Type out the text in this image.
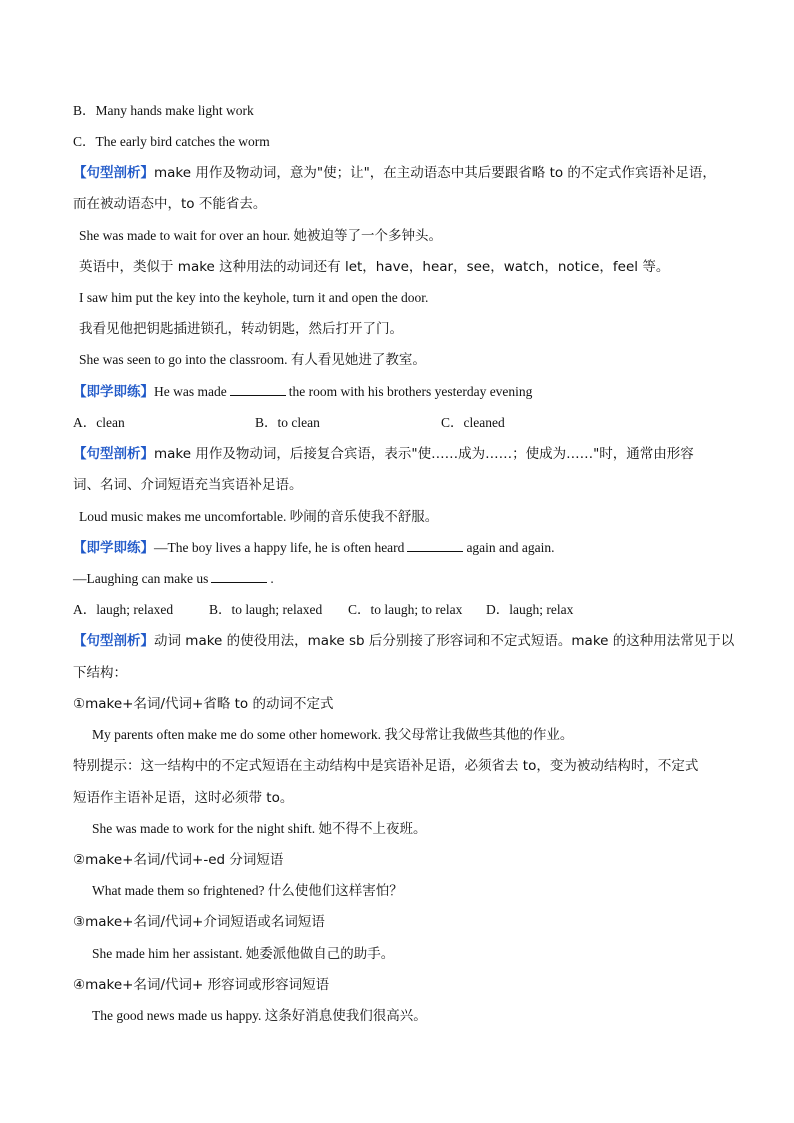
B．Many hands make light work
C．The early bird catches the worm
【句型剖析】make 用作及物动词，意为"使；让"，在主动语态中其后要跟省略 to 的不定式作宾语补足语，
而在被动语态中，to 不能省去。
She was made to wait for over an hour. 她被迫等了一个多钟头。
英语中，类似于 make 这种用法的动词还有 let，have，hear，see，watch，notice，feel 等。
I saw him put the key into the keyhole, turn it and open the door.
我看见他把钥匙插进锁孔，转动钥匙，然后打开了门。
She was seen to go into the classroom. 有人看见她进了教室。
【即学即练】He was made	the room with his brothers yesterday evening
A．clean	B．to clean	C．cleaned
【句型剖析】make 用作及物动词，后接复合宾语，表示"使……成为……；使成为……"时，通常由形容
词、名词、介词短语充当宾语补足语。
Loud music makes me uncomfortable. 吵闹的音乐使我不舒服。
【即学即练】—The boy lives a happy life, he is often heard	again and again.
—Laughing can make us	.
A．laugh; relaxed	B．to laugh; relaxed C．to laugh; to relax D．laugh; relax
【句型剖析】动词 make 的使役用法，make sb 后分别接了形容词和不定式短语。make 的这种用法常见于以
下结构：
①make+名词/代词+省略 to 的动词不定式
My parents often make me do some other homework. 我父母常让我做些其他的作业。
特别提示：这一结构中的不定式短语在主动结构中是宾语补足语，必须省去 to，变为被动结构时，不定式
短语作主语补足语，这时必须带 to。
She was made to work for the night shift. 她不得不上夜班。
②make+名词/代词+-ed 分词短语
What made them so frightened? 什么使他们这样害怕？
③make+名词/代词+介词短语或名词短语
She made him her assistant. 她委派他做自己的助手。
④make+名词/代词+ 形容词或形容词短语
The good news made us happy. 这条好消息使我们很高兴。
